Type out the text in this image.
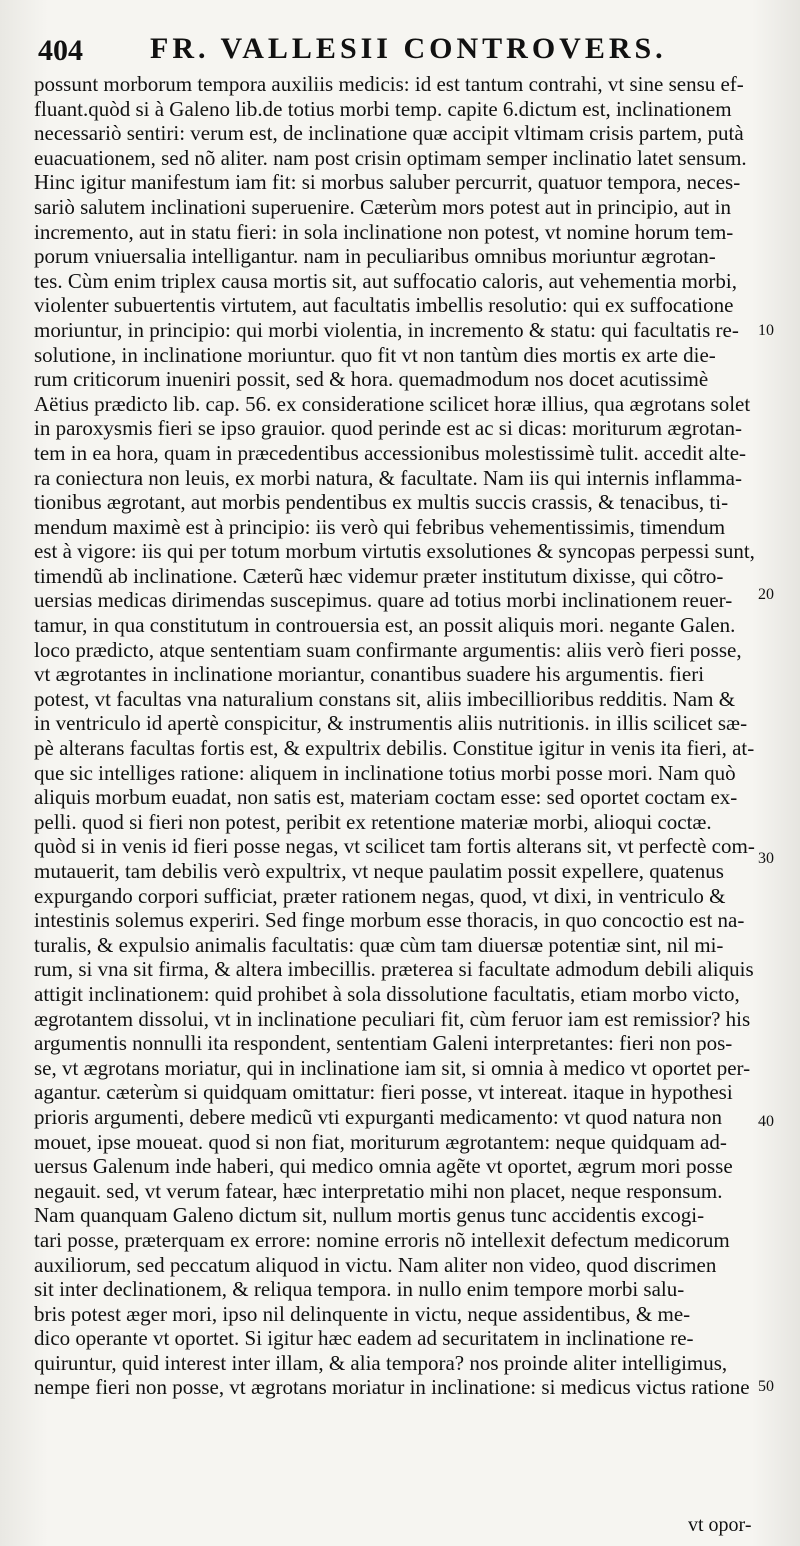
404 FR. VALLESII CONTROVERS.
possunt morborum tempora auxiliis medicis: id est tantum contrahi, vt sine sensu ef-
fluant.quòd si à Galeno lib.de totius morbi temp. capite 6.dictum est, inclinationem
necessariò sentiri: verum est, de inclinatione quæ accipit vltimam crisis partem, putà
euacuationem, sed nõ aliter. nam post crisin optimam semper inclinatio latet sensum.
Hinc igitur manifestum iam fit: si morbus saluber percurrit, quatuor tempora, neces-
sariò salutem inclinationi superuenire. Cæterùm mors potest aut in principio, aut in
incremento, aut in statu fieri: in sola inclinatione non potest, vt nomine horum tem-
porum vniuersalia intelligantur. nam in peculiaribus omnibus moriuntur ægrotan-
tes. Cùm enim triplex causa mortis sit, aut suffocatio caloris, aut vehementia morbi,
violenter subuertentis virtutem, aut facultatis imbellis resolutio: qui ex suffocatione
moriuntur, in principio: qui morbi violentia, in incremento & statu: qui facultatis re-
solutione, in inclinatione moriuntur. quo fit vt non tantùm dies mortis ex arte die-
rum criticorum inueniri possit, sed & hora. quemadmodum nos docet acutissimè
Aëtius prædicto lib. cap. 56. ex consideratione scilicet horæ illius, qua ægrotans solet
in paroxysmis fieri se ipso grauior. quod perinde est ac si dicas: moriturum ægrotan-
tem in ea hora, quam in præcedentibus accessionibus molestissimè tulit. accedit alte-
ra coniectura non leuis, ex morbi natura, & facultate. Nam iis qui internis inflamma-
tionibus ægrotant, aut morbis pendentibus ex multis succis crassis, & tenacibus, ti-
mendum maximè est à principio: iis verò qui febribus vehementissimis, timendum
est à vigore: iis qui per totum morbum virtutis exsolutiones & syncopas perpessi sunt,
timendũ ab inclinatione. Cæterũ hæc videmur præter institutum dixisse, qui cõtro-
uersias medicas dirimendas suscepimus. quare ad totius morbi inclinationem reuer-
tamur, in qua constitutum in controuersia est, an possit aliquis mori. negante Galen.
loco prædicto, atque sententiam suam confirmante argumentis: aliis verò fieri posse,
vt ægrotantes in inclinatione moriantur, conantibus suadere his argumentis. fieri
potest, vt facultas vna naturalium constans sit, aliis imbecillioribus redditis. Nam &
in ventriculo id apertè conspicitur, & instrumentis aliis nutritionis. in illis scilicet sæ-
pè alterans facultas fortis est, & expultrix debilis. Constitue igitur in venis ita fieri, at-
que sic intelliges ratione: aliquem in inclinatione totius morbi posse mori. Nam quò
aliquis morbum euadat, non satis est, materiam coctam esse: sed oportet coctam ex-
pelli. quod si fieri non potest, peribit ex retentione materiæ morbi, alioqui coctæ.
quòd si in venis id fieri posse negas, vt scilicet tam fortis alterans sit, vt perfectè com-
mutauerit, tam debilis verò expultrix, vt neque paulatim possit expellere, quatenus
expurgando corpori sufficiat, præter rationem negas, quod, vt dixi, in ventriculo &
intestinis solemus experiri. Sed finge morbum esse thoracis, in quo concoctio est na-
turalis, & expulsio animalis facultatis: quæ cùm tam diuersæ potentiæ sint, nil mi-
rum, si vna sit firma, & altera imbecillis. præterea si facultate admodum debili aliquis
attigit inclinationem: quid prohibet à sola dissolutione facultatis, etiam morbo victo,
ægrotantem dissolui, vt in inclinatione peculiari fit, cùm feruor iam est remissior? his
argumentis nonnulli ita respondent, sententiam Galeni interpretantes: fieri non pos-
se, vt ægrotans moriatur, qui in inclinatione iam sit, si omnia à medico vt oportet per-
agantur. cæterùm si quidquam omittatur: fieri posse, vt intereat. itaque in hypothesi
prioris argumenti, debere medicũ vti expurganti medicamento: vt quod natura non
mouet, ipse moueat. quod si non fiat, moriturum ægrotantem: neque quidquam ad-
uersus Galenum inde haberi, qui medico omnia agẽte vt oportet, ægrum mori posse
negauit. sed, vt verum fatear, hæc interpretatio mihi non placet, neque responsum.
Nam quanquam Galeno dictum sit, nullum mortis genus tunc accidentis excogi-
tari posse, præterquam ex errore: nomine erroris nõ intellexit defectum medicorum
auxiliorum, sed peccatum aliquod in victu. Nam aliter non video, quod discrimen
sit inter declinationem, & reliqua tempora. in nullo enim tempore morbi salu-
bris potest æger mori, ipso nil delinquente in victu, neque assidentibus, & me-
dico operante vt oportet. Si igitur hæc eadem ad securitatem in inclinatione re-
quiruntur, quid interest inter illam, & alia tempora? nos proinde aliter intelligimus,
nempe fieri non posse, vt ægrotans moriatur in inclinatione: si medicus victus ratione
10
20
30
40
50
vt opor-
